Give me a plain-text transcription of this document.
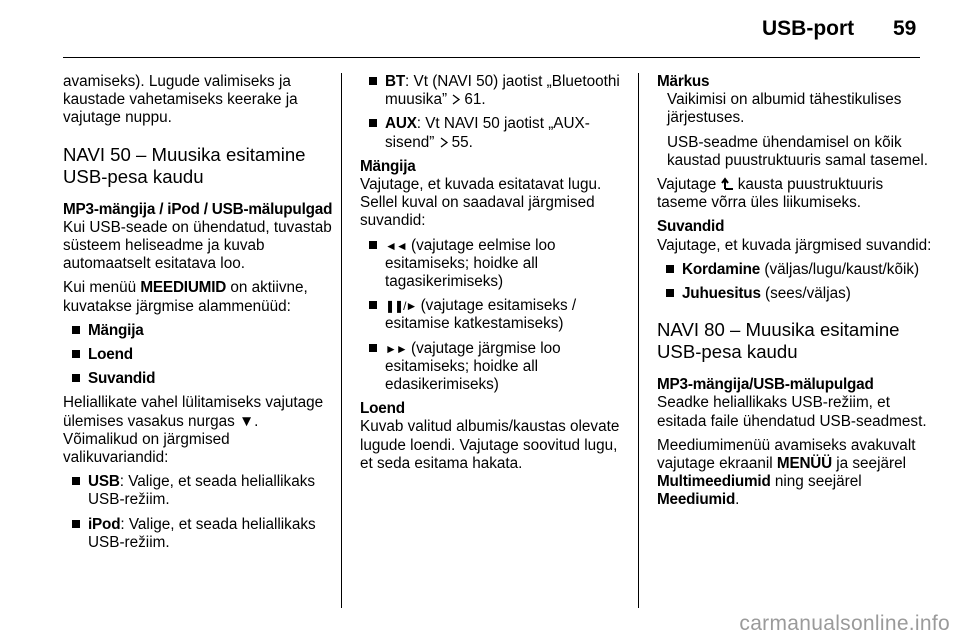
USB-port 59

avamiseks). Lugude valimiseks ja kaustade vahetamiseks keerake ja vajutage nuppu.

NAVI 50 – Muusika esitamine USB-pesa kaudu
MP3-mängija / iPod / USB-mälupulgad

Kui USB-seade on ühendatud, tuvastab süsteem heliseadme ja kuvab automaatselt esitatava loo.

Kui menüü MEEDIUMID on aktiivne, kuvatakse järgmise alammenüüd:

Mängija
Loend
Suvandid

Heliallikate vahel lülitamiseks vajutage ülemises vasakus nurgas ▼. Võimalikud on järgmised valikuvariandid:

USB: Valige, et seada heliallikaks USB-režiim.
iPod: Valige, et seada heliallikaks USB-režiim.
BT: Vt (NAVI 50) jaotist „Bluetoothi muusika” 61.
AUX: Vt NAVI 50 jaotist „AUX-sisend” 55.
Mängija

Vajutage, et kuvada esitatavat lugu. Sellel kuval on saadaval järgmised suvandid:

◄◄ (vajutage eelmise loo esitamiseks; hoidke all tagasikerimiseks)
❚❚/► (vajutage esitamiseks / esitamise katkestamiseks)
►► (vajutage järgmise loo esitamiseks; hoidke all edasikerimiseks)
Loend

Kuvab valitud albumis/kaustas olevate lugude loendi. Vajutage soovitud lugu, et seda esitama hakata.

Märkus

Vaikimisi on albumid tähestikulises järjestuses.

USB-seadme ühendamisel on kõik kaustad puustruktuuris samal tasemel.

Vajutage  kausta puustruktuuris taseme võrra üles liikumiseks.

Suvandid

Vajutage, et kuvada järgmised suvandid:

Kordamine (väljas/lugu/kaust/kõik)
Juhuesitus (sees/väljas)
NAVI 80 – Muusika esitamine USB-pesa kaudu
MP3-mängija/USB-mälupulgad

Seadke heliallikaks USB-režiim, et esitada faile ühendatud USB-seadmest.

Meediumimenüü avamiseks avakuvalt vajutage ekraanil MENÜÜ ja seejärel Multimeediumid ning seejärel Meediumid.

carmanualsonline.info
